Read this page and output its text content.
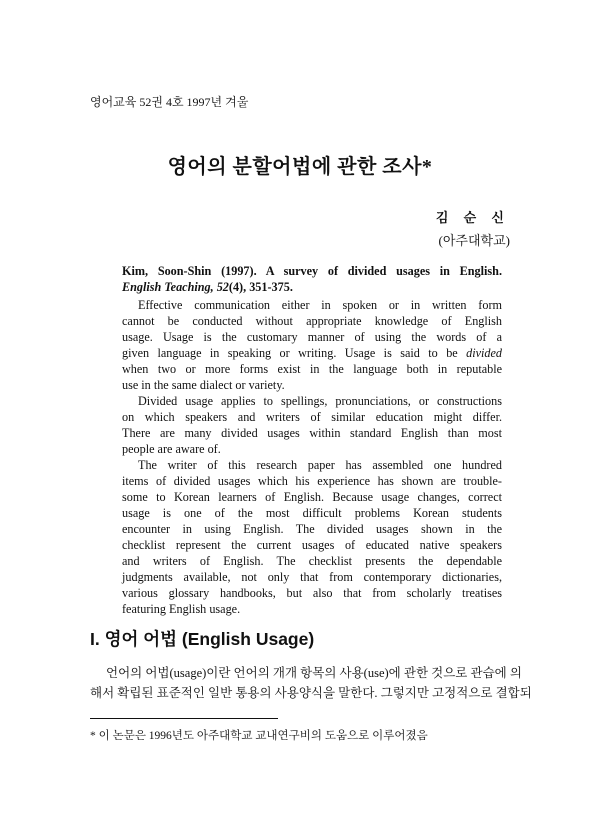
영어교육 52권 4호 1997년 겨울
영어의 분할어법에 관한 조사*
김 순 신
(아주대학교)
Kim, Soon-Shin (1997). A survey of divided usages in English.
English Teaching, 52(4), 351-375.
Effective communication either in spoken or in written form
cannot be conducted without appropriate knowledge of English
usage. Usage is the customary manner of using the words of a
given language in speaking or writing. Usage is said to be divided
when two or more forms exist in the language both in reputable
use in the same dialect or variety.
Divided usage applies to spellings, pronunciations, or constructions
on which speakers and writers of similar education might differ.
There are many divided usages within standard English than most
people are aware of.
The writer of this research paper has assembled one hundred
items of divided usages which his experience has shown are trouble-
some to Korean learners of English. Because usage changes, correct
usage is one of the most difficult problems Korean students
encounter in using English. The divided usages shown in the
checklist represent the current usages of educated native speakers
and writers of English. The checklist presents the dependable
judgments available, not only that from contemporary dictionaries,
various glossary handbooks, but also that from scholarly treatises
featuring English usage.
I. 영어 어법 (English Usage)
언어의 어법(usage)이란 언어의 개개 항목의 사용(use)에 관한 것으로 관습에 의
해서 확립된 표준적인 일반 통용의 사용양식을 말한다. 그렇지만 고정적으로 결합되
* 이 논문은 1996년도 아주대학교 교내연구비의 도움으로 이루어졌음
